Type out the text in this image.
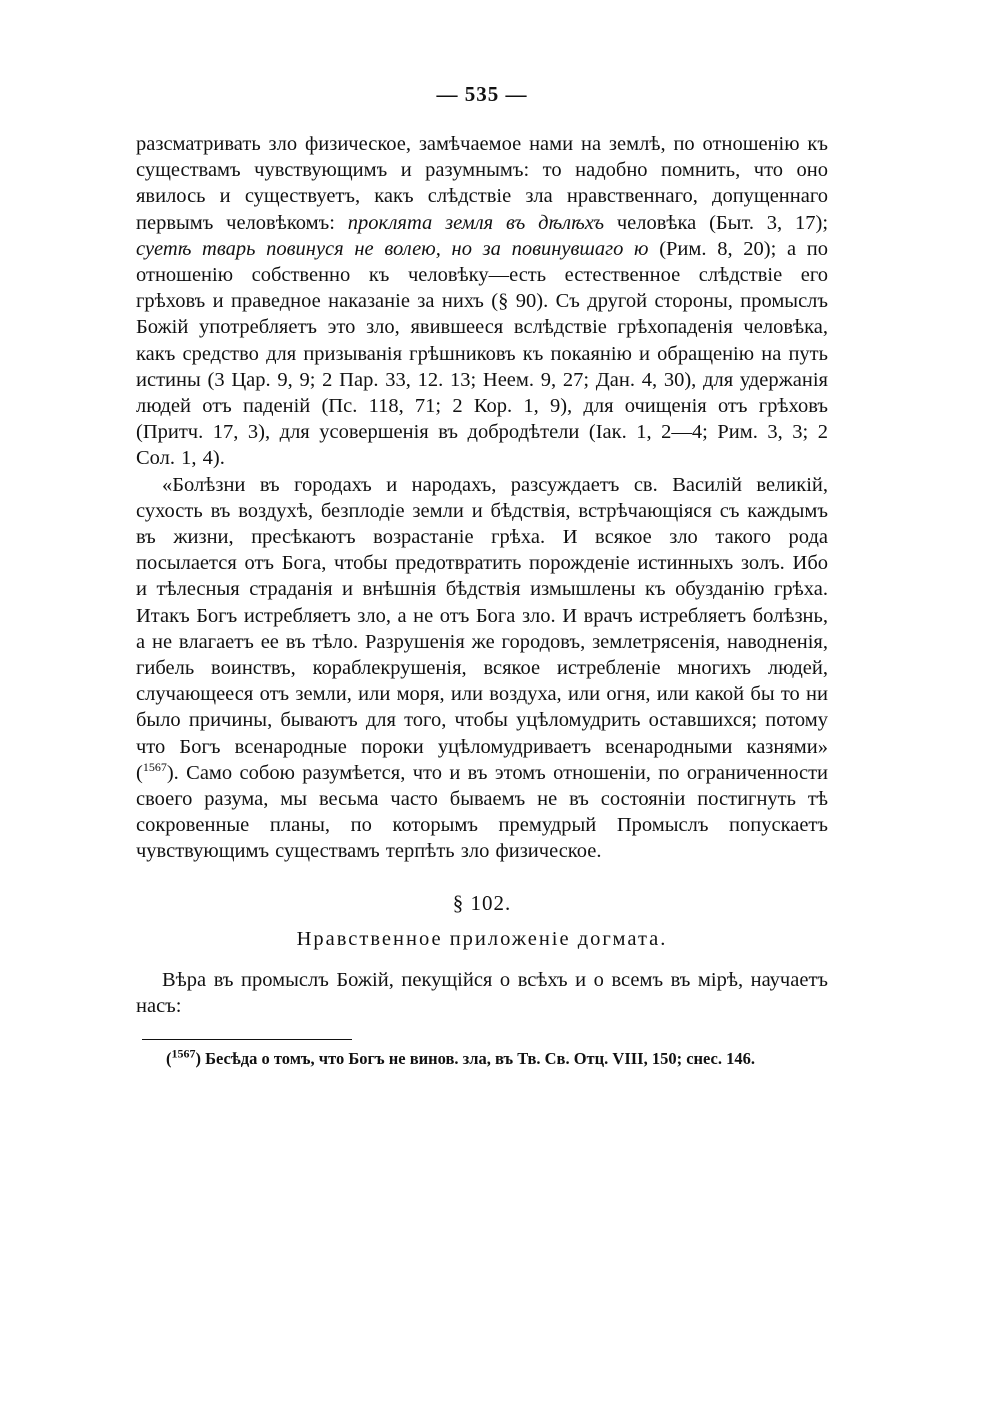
— 535 —

разсматривать зло физическое, замѣчаемое нами на землѣ, по отношенію къ существамъ чувствующимъ и разумнымъ: то надобно помнить, что оно явилось и существуетъ, какъ слѣдствіе зла нравственнаго, допущеннаго первымъ человѣкомъ: проклята земля въ дѣлѣхъ человѣка (Быт. 3, 17); суетѣ тварь повинуся не волею, но за повинувшаго ю (Рим. 8, 20); а по отношенію собственно къ человѣку—есть естественное слѣдствіе его грѣховъ и праведное наказаніе за нихъ (§ 90). Съ другой стороны, промыслъ Божій употребляетъ это зло, явившееся вслѣдствіе грѣхопаденія человѣка, какъ средство для призыванія грѣшниковъ къ покаянію и обращенію на путь истины (3 Цар. 9, 9; 2 Пар. 33, 12. 13; Неем. 9, 27; Дан. 4, 30), для удержанія людей отъ паденій (Пс. 118, 71; 2 Кор. 1, 9), для очищенія отъ грѣховъ (Притч. 17, 3), для усовершенія въ добродѣтели (Іак. 1, 2—4; Рим. 3, 3; 2 Сол. 1, 4).

«Болѣзни въ городахъ и народахъ, разсуждаетъ св. Василій великій, сухость въ воздухѣ, безплодіе земли и бѣдствія, встрѣчающіяся съ каждымъ въ жизни, пресѣкаютъ возрастаніе грѣха. И всякое зло такого рода посылается отъ Бога, чтобы предотвратить порожденіе истинныхъ золъ. Ибо и тѣлесныя страданія и внѣшнія бѣдствія измышлены къ обузданію грѣха. Итакъ Богъ истребляетъ зло, а не отъ Бога зло. И врачъ истребляетъ болѣзнь, а не влагаетъ ее въ тѣло. Разрушенія же городовъ, землетрясенія, наводненія, гибель воинствъ, кораблекрушенія, всякое истребленіе многихъ людей, случающееся отъ земли, или моря, или воздуха, или огня, или какой бы то ни было причины, бываютъ для того, чтобы уцѣломудрить оставшихся; потому что Богъ всенародные пороки уцѣломудриваетъ всенародными казнями» ($^{1567}$). Само собою разумѣется, что и въ этомъ отношеніи, по ограниченности своего разума, мы весьма часто бываемъ не въ состояніи постигнуть тѣ сокровенные планы, по которымъ премудрый Промыслъ попускаетъ чувствующимъ существамъ терпѣть зло физическое.

§ 102.
Нравственное приложеніе догмата.

Вѣра въ промыслъ Божій, пекущійся о всѣхъ и о всемъ въ мірѣ, научаетъ насъ:

($^{1567}$) Бесѣда о томъ, что Богъ не винов. зла, въ Тв. Св. Отц. VIII, 150; снес. 146.
